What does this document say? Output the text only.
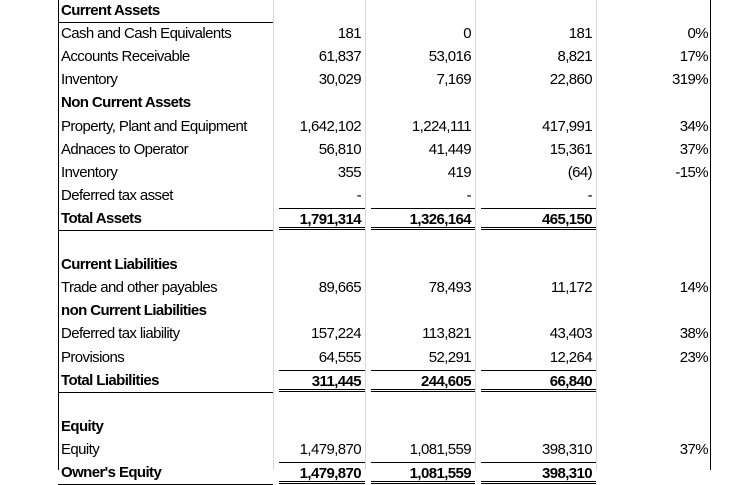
Current Assets
Cash and Cash Equivalents	181	0	181	0%
Accounts Receivable	61,837	53,016	8,821	17%
Inventory	30,029	7,169	22,860	319%
Non Current Assets
Property, Plant and Equipment	1,642,102	1,224,111	417,991	34%
Adnaces to Operator	56,810	41,449	15,361	37%
Inventory	355	419	(64)	-15%
Deferred tax asset	-	-	-
Total Assets	1,791,314	1,326,164	465,150
Current Liabilities
Trade and other payables	89,665	78,493	11,172	14%
non Current Liabilities
Deferred tax liability	157,224	113,821	43,403	38%
Provisions	64,555	52,291	12,264	23%
Total Liabilities	311,445	244,605	66,840
Equity
Equity	1,479,870	1,081,559	398,310	37%
Owner's Equity	1,479,870	1,081,559	398,310
